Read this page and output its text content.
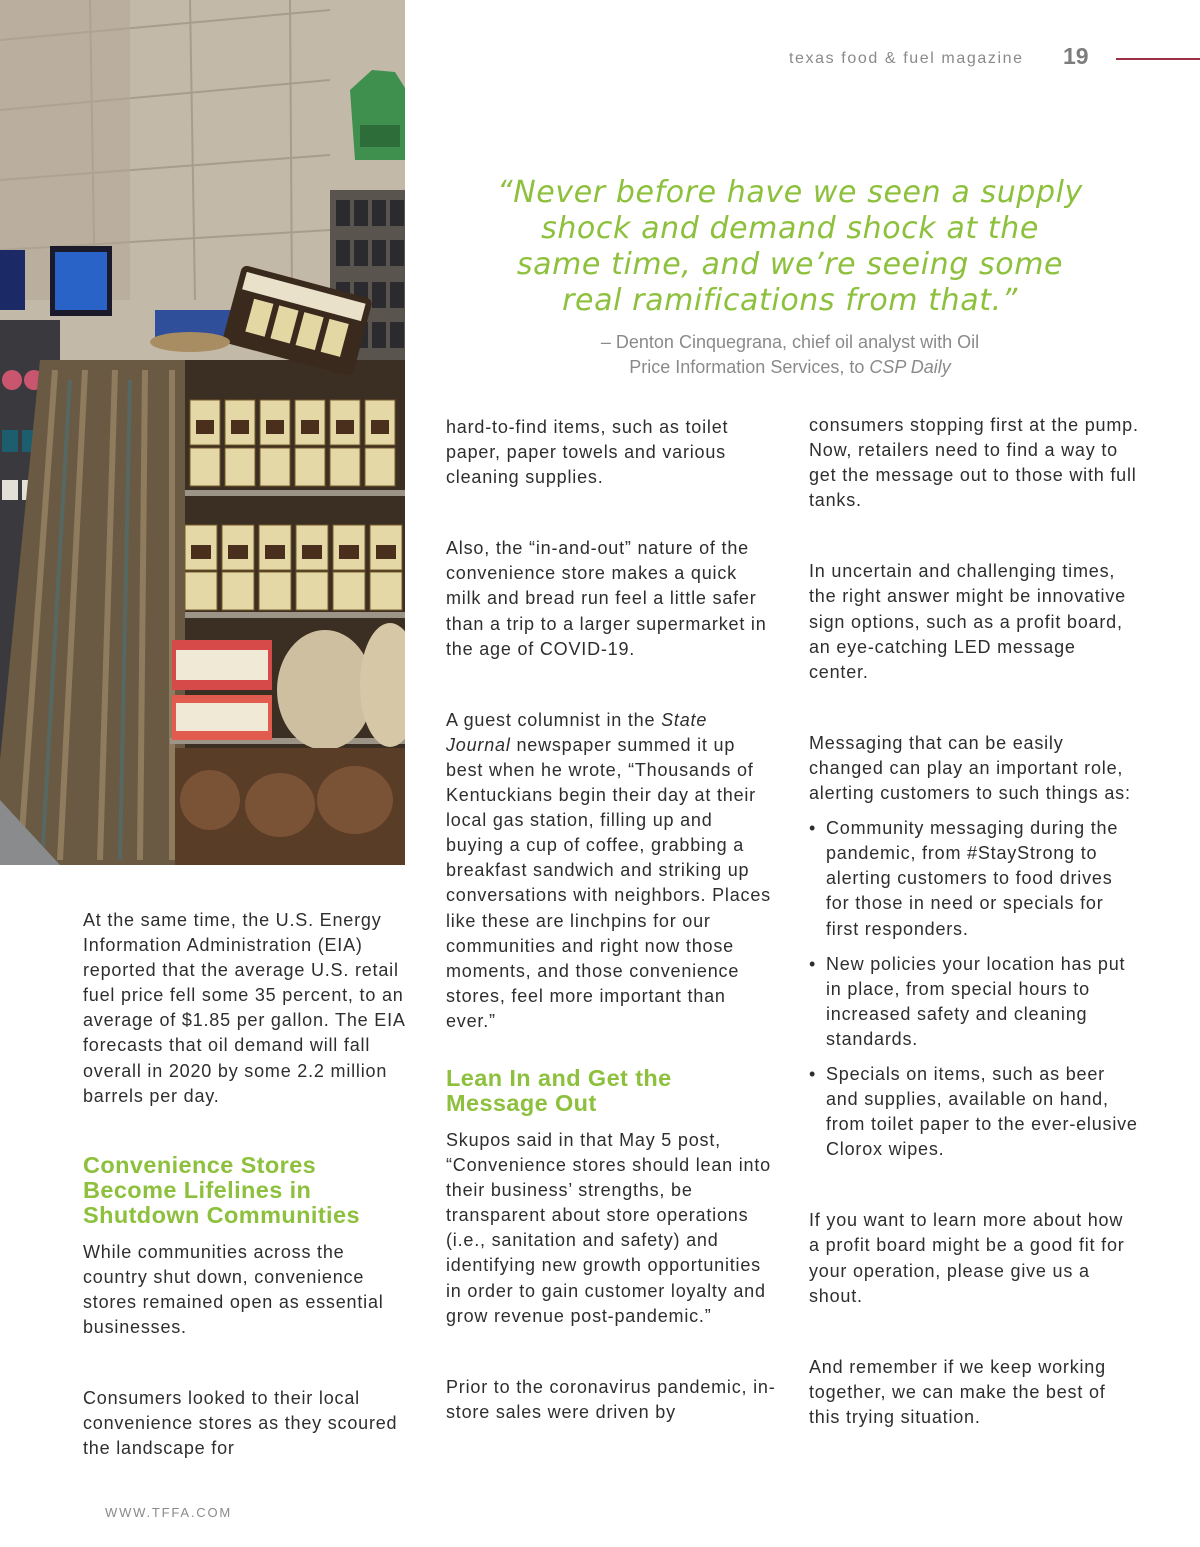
texas food & fuel magazine 19
“Never before have we seen a supply
shock and demand shock at the
same time, and we’re seeing some
real ramifications from that.”
– Denton Cinquegrana, chief oil analyst with Oil
Price Information Services, to CSP Daily

At the same time, the U.S. Energy Information Administration (EIA) reported that the average U.S. retail fuel price fell some 35 percent, to an average of $1.85 per gallon. The EIA forecasts that oil demand will fall overall in 2020 by some 2.2 million barrels per day.

Convenience Stores Become Lifelines in Shutdown Communities

While communities across the country shut down, convenience stores remained open as essential businesses.

Consumers looked to their local convenience stores as they scoured the landscape for

hard-to-find items, such as toilet paper, paper towels and various cleaning supplies.

Also, the “in-and-out” nature of the convenience store makes a quick milk and bread run feel a little safer than a trip to a larger supermarket in the age of COVID-19.

A guest columnist in the State Journal newspaper summed it up best when he wrote, “Thousands of Kentuckians begin their day at their local gas station, filling up and buying a cup of coffee, grabbing a breakfast sandwich and striking up conversations with neighbors. Places like these are linchpins for our communities and right now those moments, and those convenience stores, feel more important than ever.”

Lean In and Get the Message Out

Skupos said in that May 5 post, “Convenience stores should lean into their business’ strengths, be transparent about store operations (i.e., sanitation and safety) and identifying new growth opportunities in order to gain customer loyalty and grow revenue post-pandemic.”

Prior to the coronavirus pandemic, in-store sales were driven by

consumers stopping first at the pump. Now, retailers need to find a way to get the message out to those with full tanks.

In uncertain and challenging times, the right answer might be innovative sign options, such as a profit board, an eye-catching LED message center.

Messaging that can be easily changed can play an important role, alerting customers to such things as:

• Community messaging during the pandemic, from #StayStrong to alerting customers to food drives for those in need or specials for first responders.
• New policies your location has put in place, from special hours to increased safety and cleaning standards.
• Specials on items, such as beer and supplies, available on hand, from toilet paper to the ever-elusive Clorox wipes.

If you want to learn more about how a profit board might be a good fit for your operation, please give us a shout.

And remember if we keep working together, we can make the best of this trying situation.

WWW.TFFA.COM
